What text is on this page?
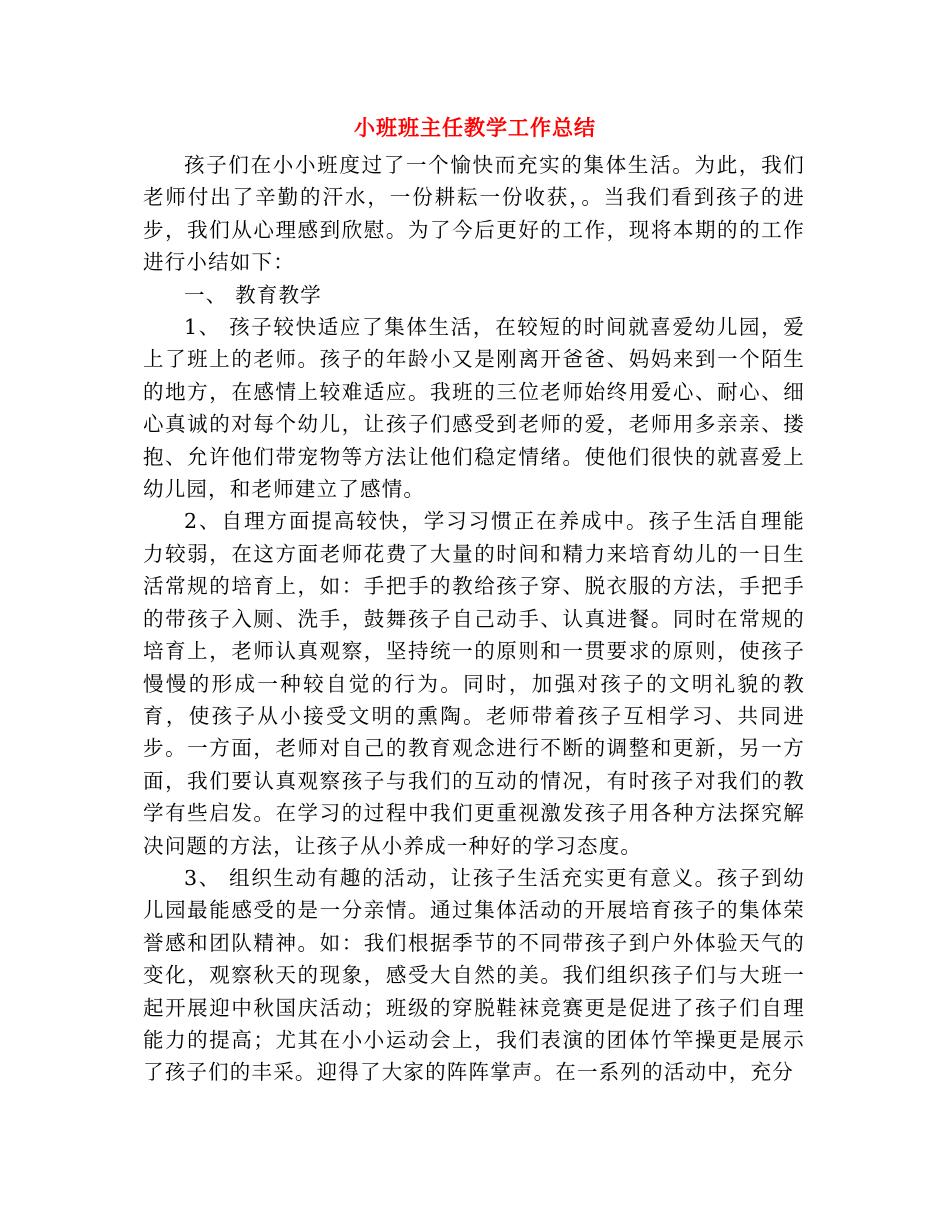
小班班主任教学工作总结

孩子们在小小班度过了一个愉快而充实的集体生活。为此，我们老师付出了辛勤的汗水，一份耕耘一份收获，。当我们看到孩子的进步，我们从心理感到欣慰。为了今后更好的工作，现将本期的的工作进行小结如下：

一、 教育教学

1、 孩子较快适应了集体生活，在较短的时间就喜爱幼儿园，爱上了班上的老师。孩子的年龄小又是刚离开爸爸、妈妈来到一个陌生的地方，在感情上较难适应。我班的三位老师始终用爱心、耐心、细心真诚的对每个幼儿，让孩子们感受到老师的爱，老师用多亲亲、搂抱、允许他们带宠物等方法让他们稳定情绪。使他们很快的就喜爱上幼儿园，和老师建立了感情。

2、自理方面提高较快，学习习惯正在养成中。孩子生活自理能力较弱，在这方面老师花费了大量的时间和精力来培育幼儿的一日生活常规的培育上，如：手把手的教给孩子穿、脱衣服的方法，手把手的带孩子入厕、洗手，鼓舞孩子自己动手、认真进餐。同时在常规的培育上，老师认真观察，坚持统一的原则和一贯要求的原则，使孩子慢慢的形成一种较自觉的行为。同时，加强对孩子的文明礼貌的教育，使孩子从小接受文明的熏陶。老师带着孩子互相学习、共同进步。一方面，老师对自己的教育观念进行不断的调整和更新，另一方面，我们要认真观察孩子与我们的互动的情况，有时孩子对我们的教学有些启发。在学习的过程中我们更重视激发孩子用各种方法探究解决问题的方法，让孩子从小养成一种好的学习态度。

3、 组织生动有趣的活动，让孩子生活充实更有意义。孩子到幼儿园最能感受的是一分亲情。通过集体活动的开展培育孩子的集体荣誉感和团队精神。如：我们根据季节的不同带孩子到户外体验天气的变化，观察秋天的现象，感受大自然的美。我们组织孩子们与大班一起开展迎中秋国庆活动；班级的穿脱鞋袜竞赛更是促进了孩子们自理能力的提高；尤其在小小运动会上，我们表演的团体竹竿操更是展示了孩子们的丰采。迎得了大家的阵阵掌声。在一系列的活动中，充分
